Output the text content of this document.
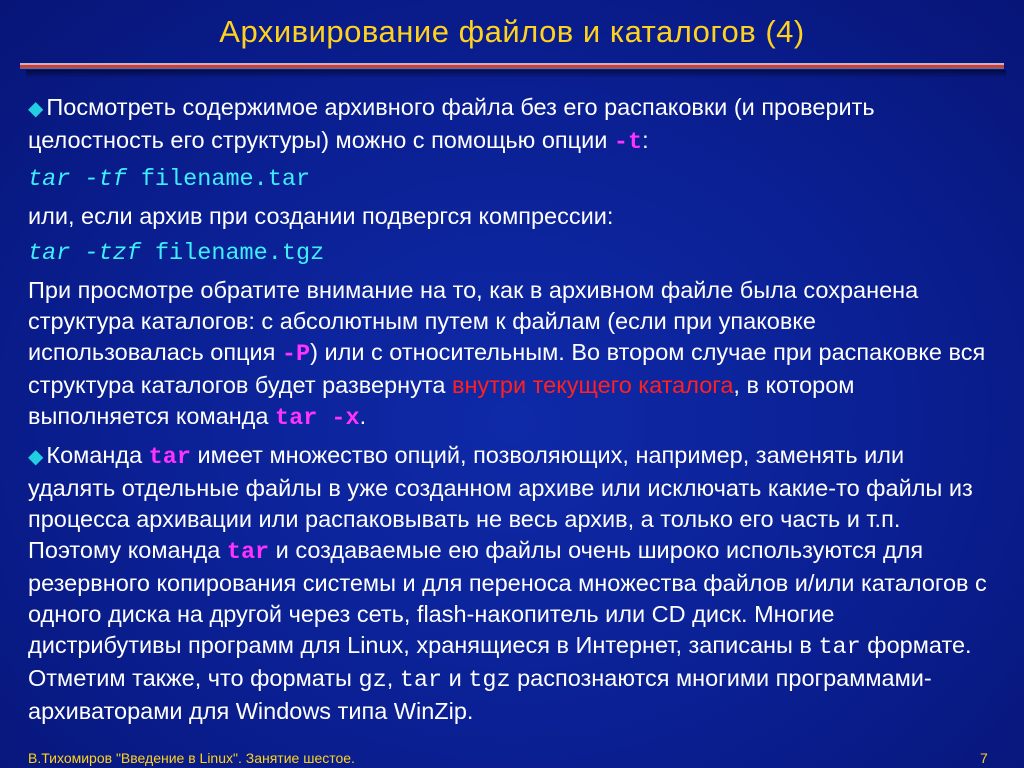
Архивирование файлов и каталогов (4)

◆ Посмотреть содержимое архивного файла без его распаковки (и проверить целостность его структуры) можно с помощью опции -t:

tar -tf filename.tar

или, если архив при создании подвергся компрессии:

tar -tzf filename.tgz

При просмотре обратите внимание на то, как в архивном файле была сохранена структура каталогов: с абсолютным путем к файлам (если при упаковке использовалась опция -P) или с относительным. Во втором случае при распаковке вся структура каталогов будет развернута внутри текущего каталога, в котором выполняется команда tar -x.

◆ Команда tar имеет множество опций, позволяющих, например, заменять или удалять отдельные файлы в уже созданном архиве или исключать какие-то файлы из процесса архивации или распаковывать не весь архив, а только его часть и т.п. Поэтому команда tar и создаваемые ею файлы очень широко используются для резервного копирования системы и для переноса множества файлов и/или каталогов с одного диска на другой через сеть, flash-накопитель или CD диск. Многие дистрибутивы программ для Linux, хранящиеся в Интернет, записаны в tar формате. Отметим также, что форматы gz, tar и tgz распознаются многими программами-архиваторами для Windows типа WinZip.

В.Тихомиров "Введение в Linux". Занятие шестое.	7
